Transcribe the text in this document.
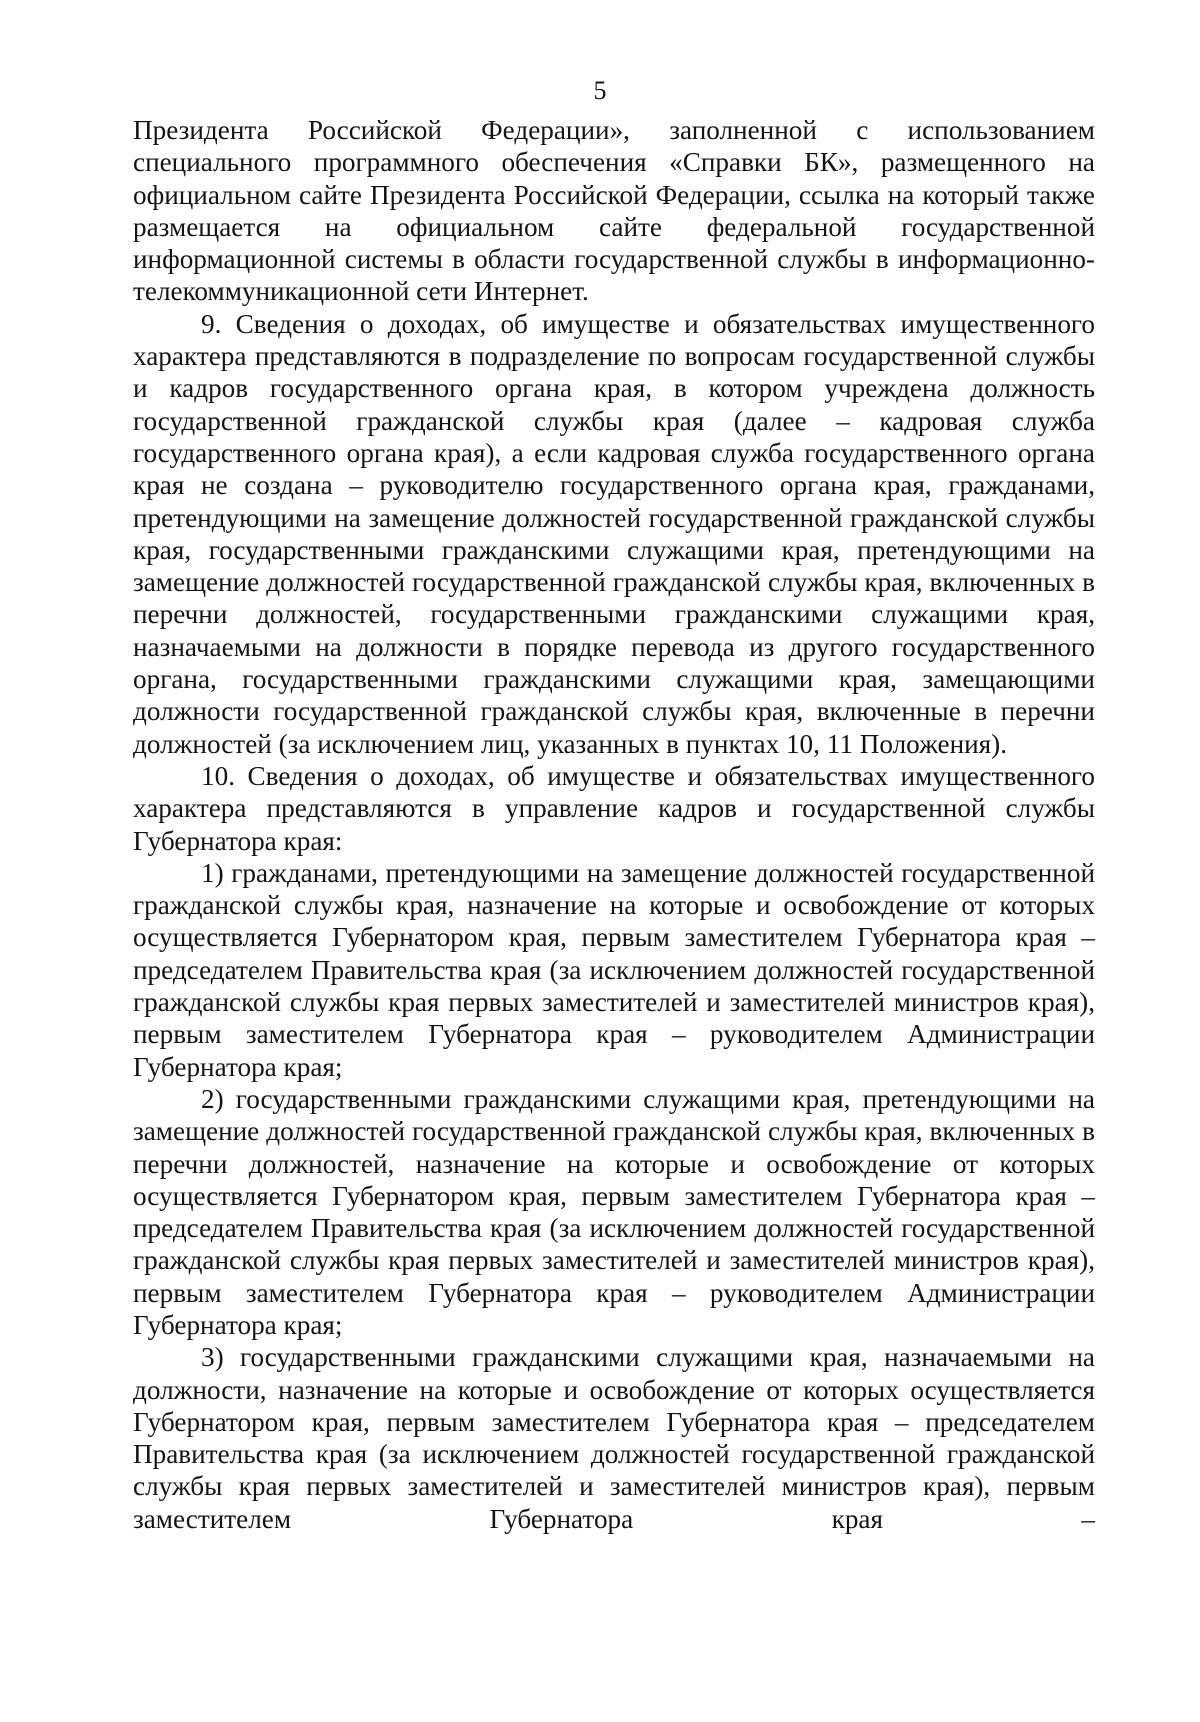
5

Президента Российской Федерации», заполненной с использованием специального программного обеспечения «Справки БК», размещенного на официальном сайте Президента Российской Федерации, ссылка на который также размещается на официальном сайте федеральной государственной информационной системы в области государственной службы в информационно-телекоммуникационной сети Интернет.

9. Сведения о доходах, об имуществе и обязательствах имущественного характера представляются в подразделение по вопросам государственной службы и кадров государственного органа края, в котором учреждена должность государственной гражданской службы края (далее – кадровая служба государственного органа края), а если кадровая служба государственного органа края не создана – руководителю государственного органа края, гражданами, претендующими на замещение должностей государственной гражданской службы края, государственными гражданскими служащими края, претендующими на замещение должностей государственной гражданской службы края, включенных в перечни должностей, государственными гражданскими служащими края, назначаемыми на должности в порядке перевода из другого государственного органа, государственными гражданскими служащими края, замещающими должности государственной гражданской службы края, включенные в перечни должностей (за исключением лиц, указанных в пунктах 10, 11 Положения).

10. Сведения о доходах, об имуществе и обязательствах имущественного характера представляются в управление кадров и государственной службы Губернатора края:

1) гражданами, претендующими на замещение должностей государственной гражданской службы края, назначение на которые и освобождение от которых осуществляется Губернатором края, первым заместителем Губернатора края – председателем Правительства края (за исключением должностей государственной гражданской службы края первых заместителей и заместителей министров края), первым заместителем Губернатора края – руководителем Администрации Губернатора края;

2) государственными гражданскими служащими края, претендующими на замещение должностей государственной гражданской службы края, включенных в перечни должностей, назначение на которые и освобождение от которых осуществляется Губернатором края, первым заместителем Губернатора края – председателем Правительства края (за исключением должностей государственной гражданской службы края первых заместителей и заместителей министров края), первым заместителем Губернатора края – руководителем Администрации Губернатора края;

3) государственными гражданскими служащими края, назначаемыми на должности, назначение на которые и освобождение от которых осуществляется Губернатором края, первым заместителем Губернатора края – председателем Правительства края (за исключением должностей государственной гражданской службы края первых заместителей и заместителей министров края), первым заместителем Губернатора края –
